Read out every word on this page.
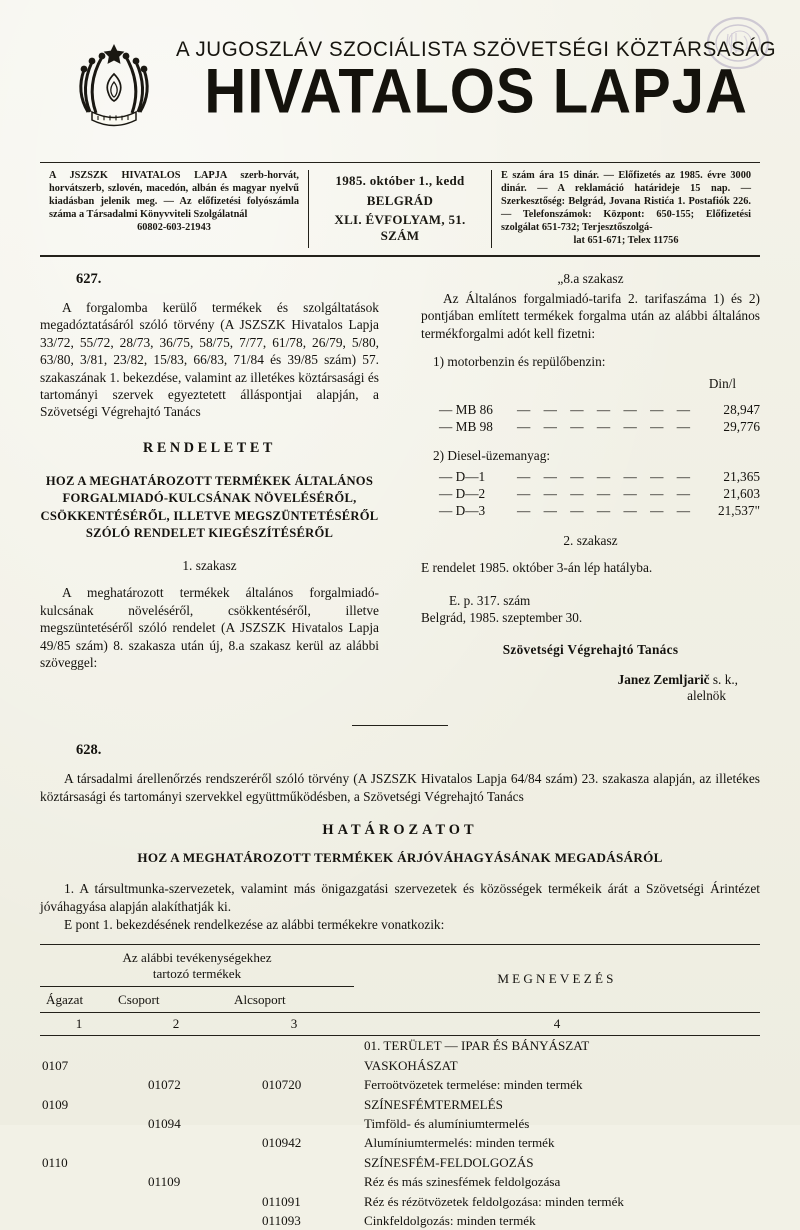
A JUGOSZLÁV SZOCIÁLISTA SZÖVETSÉGI KÖZTÁRSASÁG
HIVATALOS LAPJA

A JSZSZK HIVATALOS LAPJA szerb-horvát, horvátszerb, szlovén, macedón, albán és magyar nyelvű kiadásban jelenik meg. — Az előfizetési folyószámla száma a Társadalmi Könyvviteli Szolgálatnál

60802-603-21943

1985. október 1., kedd
BELGRÁD
XLI. ÉVFOLYAM, 51. SZÁM

E szám ára 15 dinár. — Előfizetés az 1985. évre 3000 dinár. — A reklamáció határideje 15 nap. — Szerkesztőség: Belgrád, Jovana Ristića 1. Postafiók 226. — Telefonszámok: Központ: 650-155; Előfizetési szolgálat 651-732; Terjesztőszolgá-

lat 651-671; Telex 11756

627.

A forgalomba kerülő termékek és szolgáltatások megadóztatásáról szóló törvény (A JSZSZK Hivatalos Lapja 33/72, 55/72, 28/73, 36/75, 58/75, 7/77, 61/78, 26/79, 5/80, 63/80, 3/81, 23/82, 15/83, 66/83, 71/84 és 39/85 szám) 57. szakaszának 1. bekezdése, valamint az illetékes köztársasági és tartományi szervek egyeztetett álláspontjai alapján, a Szövetségi Végrehajtó Tanács

RENDELETET
HOZ A MEGHATÁROZOTT TERMÉKEK ÁLTALÁNOS FORGALMIADÓ-KULCSÁNAK NÖVELÉSÉRŐL, CSÖKKENTÉSÉRŐL, ILLETVE MEGSZÜNTETÉSÉRŐL SZÓLÓ RENDELET KIEGÉSZÍTÉSÉRŐL
1. szakasz

A meghatározott termékek általános forgalmiadó-kulcsának növeléséről, csökkentéséről, illetve megszüntetéséről szóló rendelet (A JSZSZK Hivatalos Lapja 49/85 szám) 8. szakasza után új, 8.a szakasz kerül az alábbi szöveggel:

„8.a szakasz

Az Általános forgalmiadó-tarifa 2. tarifaszáma 1) és 2) pontjában említett termékek forgalma után az alábbi általános termékforgalmi adót kell fizetni:

1) motorbenzin és repülőbenzin:
Din/l
— MB 86	— — — — — — —	28,947
— MB 98	— — — — — — —	29,776
2) Diesel-üzemanyag:
— D—1	— — — — — — —	21,365
— D—2	— — — — — — —	21,603
— D—3	— — — — — — —	21,537"
2. szakasz

E rendelet 1985. október 3-án lép hatályba.

E. p. 317. szám
Belgrád, 1985. szeptember 30.
Szövetségi Végrehajtó Tanács
Janez Zemljarič s. k.,
alelnök
628.

A társadalmi árellenőrzés rendszeréről szóló törvény (A JSZSZK Hivatalos Lapja 64/84 szám) 23. szakasza alapján, az illetékes köztársasági és tartományi szervekkel együttműködésben, a Szövetségi Végrehajtó Tanács

HATÁROZATOT
HOZ A MEGHATÁROZOTT TERMÉKEK ÁRJÓVÁHAGYÁSÁNAK MEGADÁSÁRÓL

1. A társultmunka-szervezetek, valamint más önigazgatási szervezetek és közösségek termékeik árát a Szövetségi Árintézet jóváhagyása alapján alakíthatják ki.

E pont 1. bekezdésének rendelkezése az alábbi termékekre vonatkozik:

Az alábbi tevékenységekhez
tartozó termékek			MEGNEVEZÉS
Ágazat	Csoport	Alcsoport	
1	2	3	4

			01. TERÜLET — IPAR ÉS BÁNYÁSZAT
0107			VASKOHÁSZAT
	01072	010720	Ferroötvözetek termelése: minden termék
0109			SZÍNESFÉMTERMELÉS
	01094		Timföld- és alumíniumtermelés
		010942	Alumíniumtermelés: minden termék
0110			SZÍNESFÉM-FELDOLGOZÁS
	01109		Réz és más szinesfémek feldolgozása
		011091	Réz és rézötvözetek feldolgozása: minden termék
		011093	Cinkfeldolgozás: minden termék
